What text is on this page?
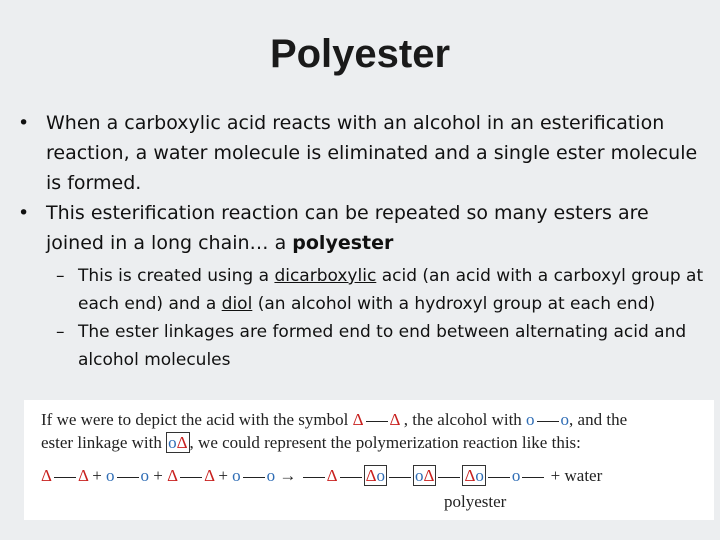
Polyester
• When a carboxylic acid reacts with an alcohol in an esterification reaction, a water molecule is eliminated and a single ester molecule is formed.
• This esterification reaction can be repeated so many esters are joined in a long chain… a polyester
– This is created using a dicarboxylic acid (an acid with a carboxyl group at each end) and a diol (an alcohol with a hydroxyl group at each end)
– The ester linkages are formed end to end between alternating acid and alcohol molecules
If we were to depict the acid with the symbol Δ Δ , the alcohol with o o, and the
ester linkage with oΔ , we could represent the polymerization reaction like this:
Δ Δ + o o + Δ Δ + o o → Δ Δo oΔ Δo o + water
polyester
